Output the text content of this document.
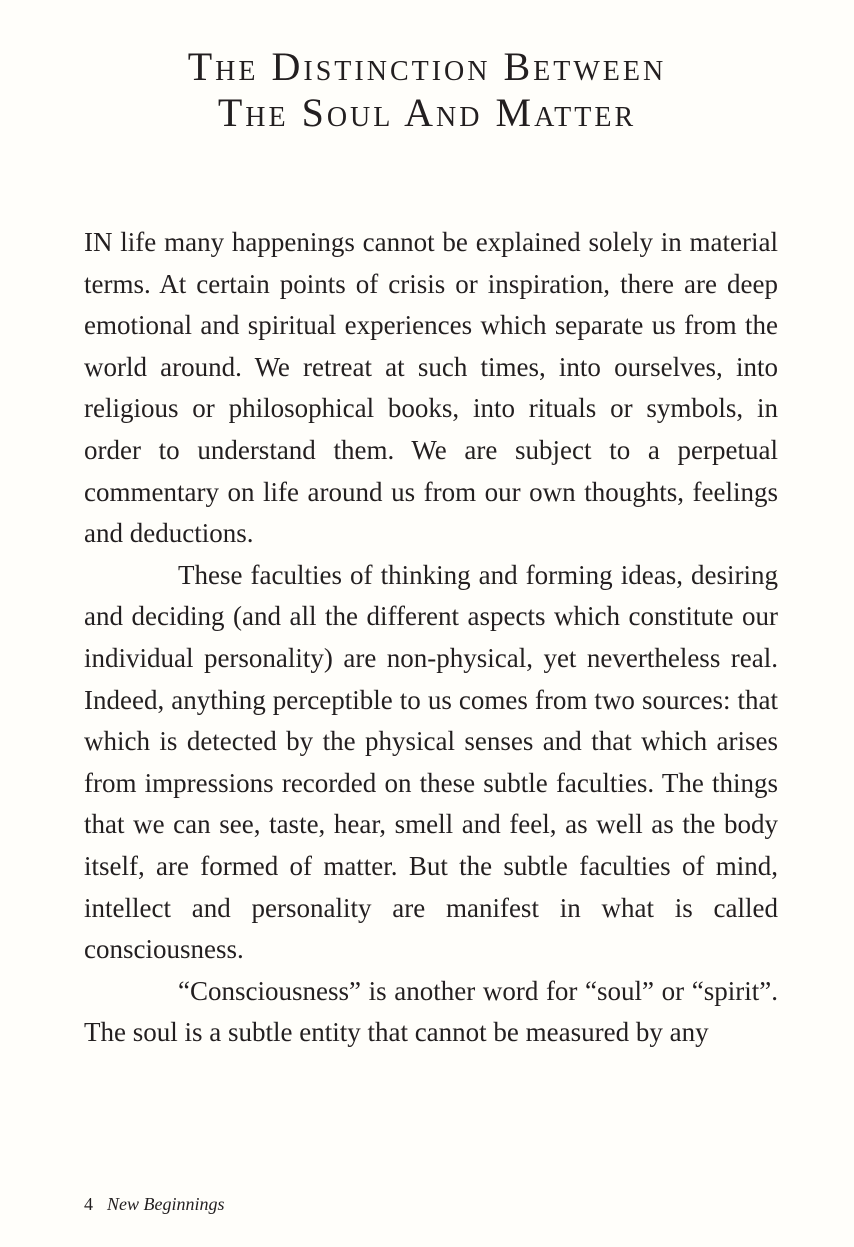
The Distinction Between
The Soul And Matter

IN life many happenings cannot be explained solely in material terms. At certain points of crisis or inspiration, there are deep emotional and spiritual experiences which separate us from the world around. We retreat at such times, into ourselves, into religious or philosophical books, into rituals or symbols, in order to understand them. We are subject to a perpetual commentary on life around us from our own thoughts, feelings and deductions.

These faculties of thinking and forming ideas, desiring and deciding (and all the different aspects which constitute our individual personality) are non-physical, yet nevertheless real. Indeed, anything perceptible to us comes from two sources: that which is detected by the physical senses and that which arises from impressions recorded on these subtle faculties. The things that we can see, taste, hear, smell and feel, as well as the body itself, are formed of matter. But the subtle faculties of mind, intellect and personality are manifest in what is called consciousness.

“Consciousness” is another word for “soul” or “spirit”. The soul is a subtle entity that cannot be measured by any

4 New Beginnings
